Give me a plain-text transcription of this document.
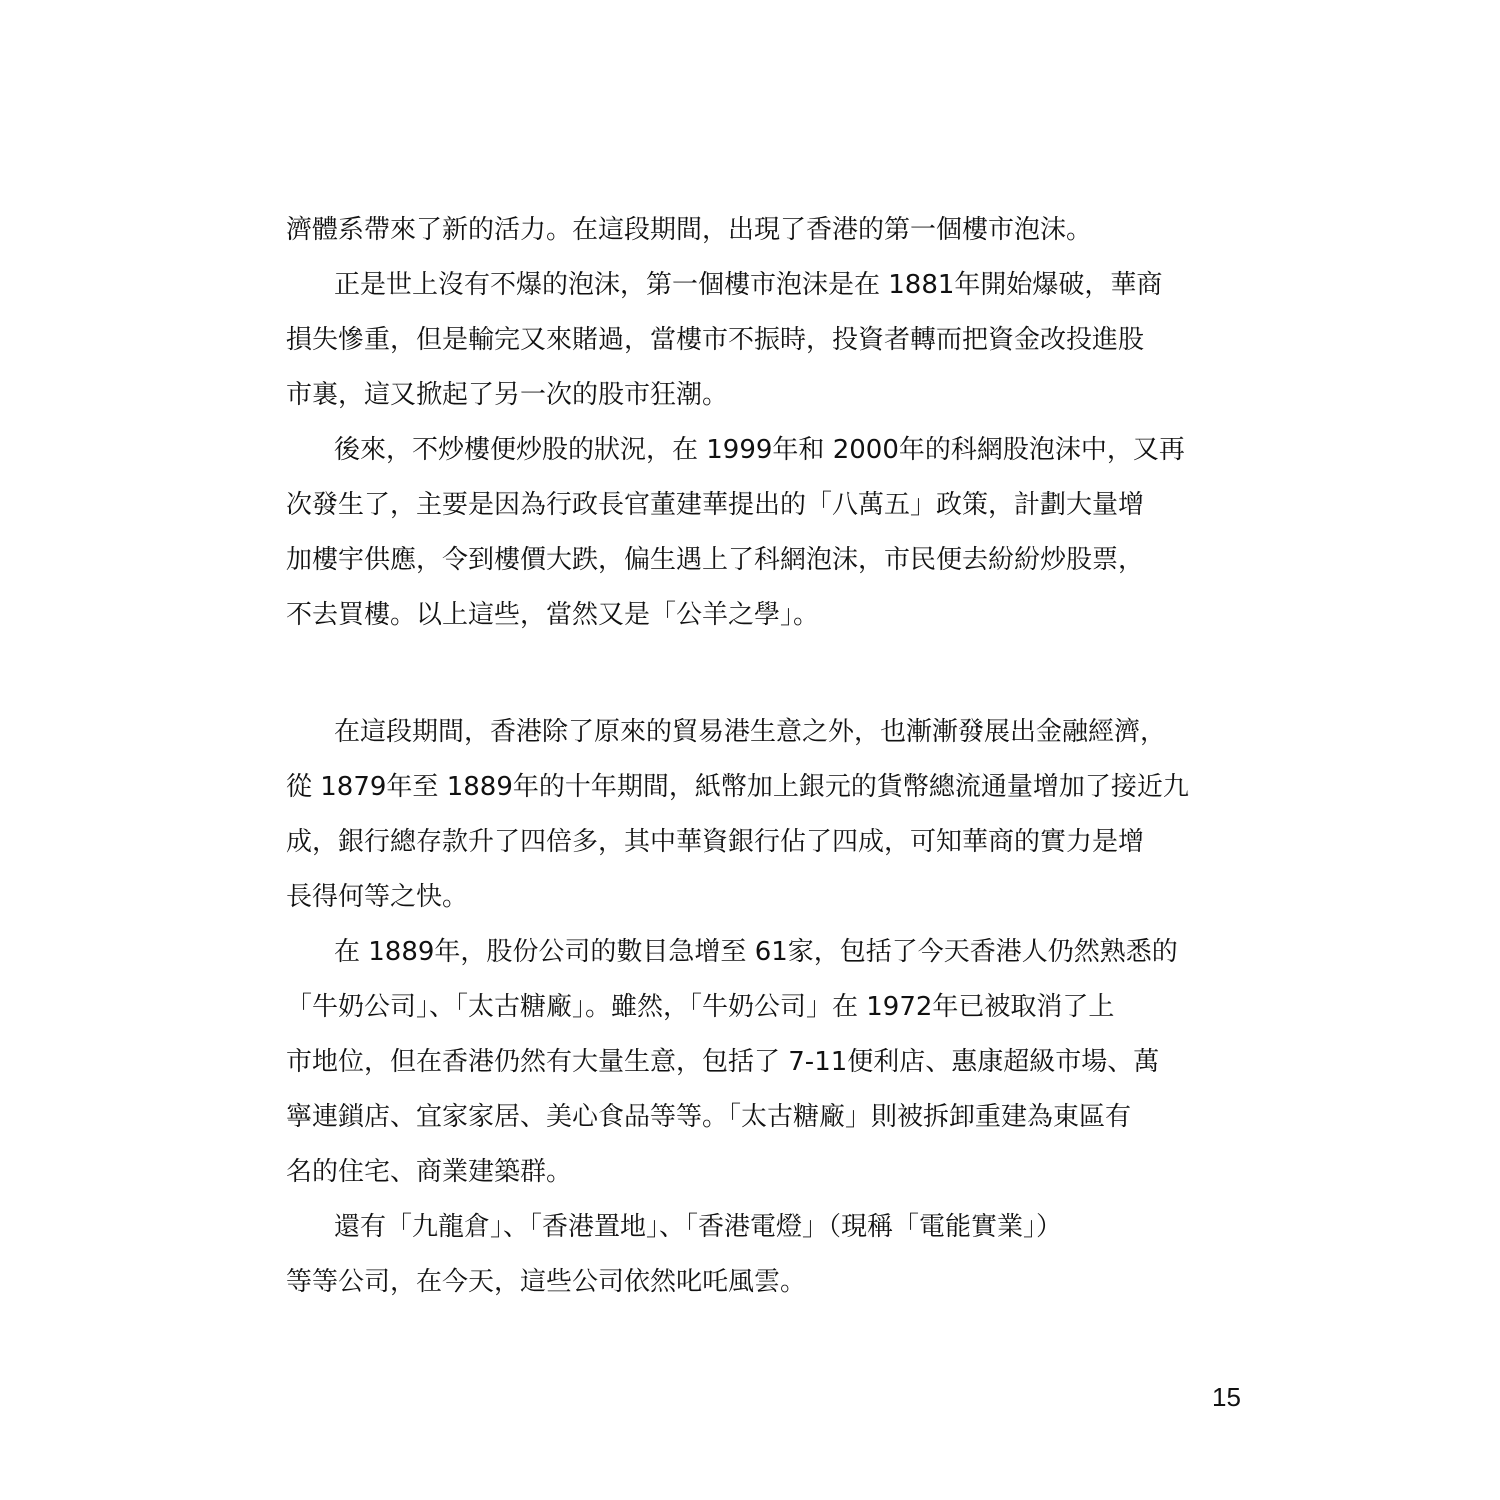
濟體系帶來了新的活力。在這段期間，出現了香港的第一個樓市泡沫。
正是世上沒有不爆的泡沫，第一個樓市泡沫是在 1881年開始爆破，華商
損失慘重，但是輸完又來賭過，當樓市不振時，投資者轉而把資金改投進股
市裏，這又掀起了另一次的股市狂潮。
後來，不炒樓便炒股的狀況，在 1999年和 2000年的科網股泡沫中，又再
次發生了，主要是因為行政長官董建華提出的「八萬五」政策，計劃大量增
加樓宇供應，令到樓價大跌，偏生遇上了科網泡沫，市民便去紛紛炒股票，
不去買樓。以上這些，當然又是「公羊之學」。
在這段期間，香港除了原來的貿易港生意之外，也漸漸發展出金融經濟，
從 1879年至 1889年的十年期間，紙幣加上銀元的貨幣總流通量增加了接近九
成，銀行總存款升了四倍多，其中華資銀行佔了四成，可知華商的實力是增
長得何等之快。
在 1889年，股份公司的數目急增至 61家，包括了今天香港人仍然熟悉的
「牛奶公司」、「太古糖廠」。雖然，「牛奶公司」在 1972年已被取消了上
市地位，但在香港仍然有大量生意，包括了 7-11便利店、惠康超級市場、萬
寧連鎖店、宜家家居、美心食品等等。「太古糖廠」則被拆卸重建為東區有
名的住宅、商業建築群。
還有「九龍倉」、「香港置地」、「香港電燈」（現稱「電能實業」）
等等公司，在今天，這些公司依然叱吒風雲。
15
